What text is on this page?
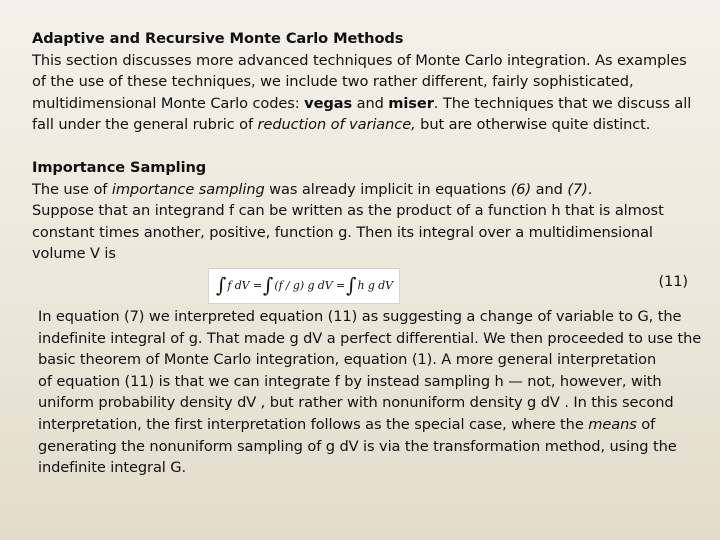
Adaptive and Recursive Monte Carlo Methods

This section discusses more advanced techniques of Monte Carlo integration. As examples of the use of these techniques, we include two rather different, fairly sophisticated, multidimensional Monte Carlo codes: vegas and miser. The techniques that we discuss all fall under the general rubric of reduction of variance, but are otherwise quite distinct.

Importance Sampling

The use of importance sampling was already implicit in equations (6) and (7).

Suppose that an integrand f can be written as the product of a function h that is almost constant times another, positive, function g. Then its integral over a multidimensional volume V is

∫ f dV = ∫ (f / g) g dV = ∫ h g dV	(11)

In equation (7) we interpreted equation (11) as suggesting a change of variable to G, the indefinite integral of g. That made g dV a perfect differential. We then proceeded to use the basic theorem of Monte Carlo integration, equation (1). A more general interpretation

of equation (11) is that we can integrate f by instead sampling h — not, however, with uniform probability density dV , but rather with nonuniform density g dV . In this second interpretation, the first interpretation follows as the special case, where the means of generating the nonuniform sampling of g dV is via the transformation method, using the indefinite integral G.
